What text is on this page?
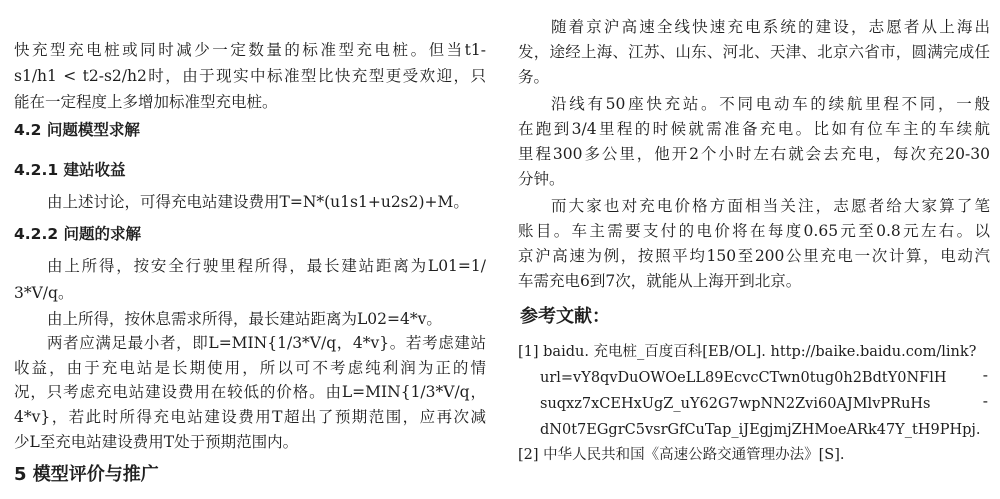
快充型充电桩或同时减少一定数量的标准型充电桩。但当t1-
s1/h1 < t2-s2/h2时，由于现实中标准型比快充型更受欢迎，只
能在一定程度上多增加标准型充电桩。
4.2 问题模型求解
4.2.1 建站收益
由上述讨论，可得充电站建设费用T=N*(u1s1+u2s2)+M。
4.2.2 问题的求解
由上所得，按安全行驶里程所得，最长建站距离为L01=1/
3*V/q。
由上所得，按休息需求所得，最长建站距离为L02=4*v。
两者应满足最小者，即L=MIN{1/3*V/q，4*v}。若考虑建站
收益，由于充电站是长期使用，所以可不考虑纯利润为正的情
况，只考虑充电站建设费用在较低的价格。由L=MIN{1/3*V/q，
4*v}，若此时所得充电站建设费用T超出了预期范围，应再次减
少L至充电站建设费用T处于预期范围内。
5 模型评价与推广
随着京沪高速全线快速充电系统的建设，志愿者从上海出
发，途经上海、江苏、山东、河北、天津、北京六省市，圆满完成任
务。
沿线有50座快充站。不同电动车的续航里程不同，一般
在跑到3/4里程的时候就需准备充电。比如有位车主的车续航
里程300多公里，他开2个小时左右就会去充电，每次充20-30
分钟。
而大家也对充电价格方面相当关注，志愿者给大家算了笔
账目。车主需要支付的电价将在每度0.65元至0.8元左右。以
京沪高速为例，按照平均150至200公里充电一次计算，电动汽
车需充电6到7次，就能从上海开到北京。
参考文献：
[1] baidu. 充电桩_百度百科[EB/OL]. http://baike.baidu.com/link?
url=vY8qvDuOWOeLL89EcvcCTwn0tug0h2BdtY0NFlH
suqxz7xCEHxUgZ_uY62G7wpNN2Zvi60AJMlvPRuHs
dN0t7EGgrC5vsrGfCuTap_iJEgjmjZHMoeARk47Y_tH9PHpj.
-
-
[2] 中华人民共和国《高速公路交通管理办法》[S].
